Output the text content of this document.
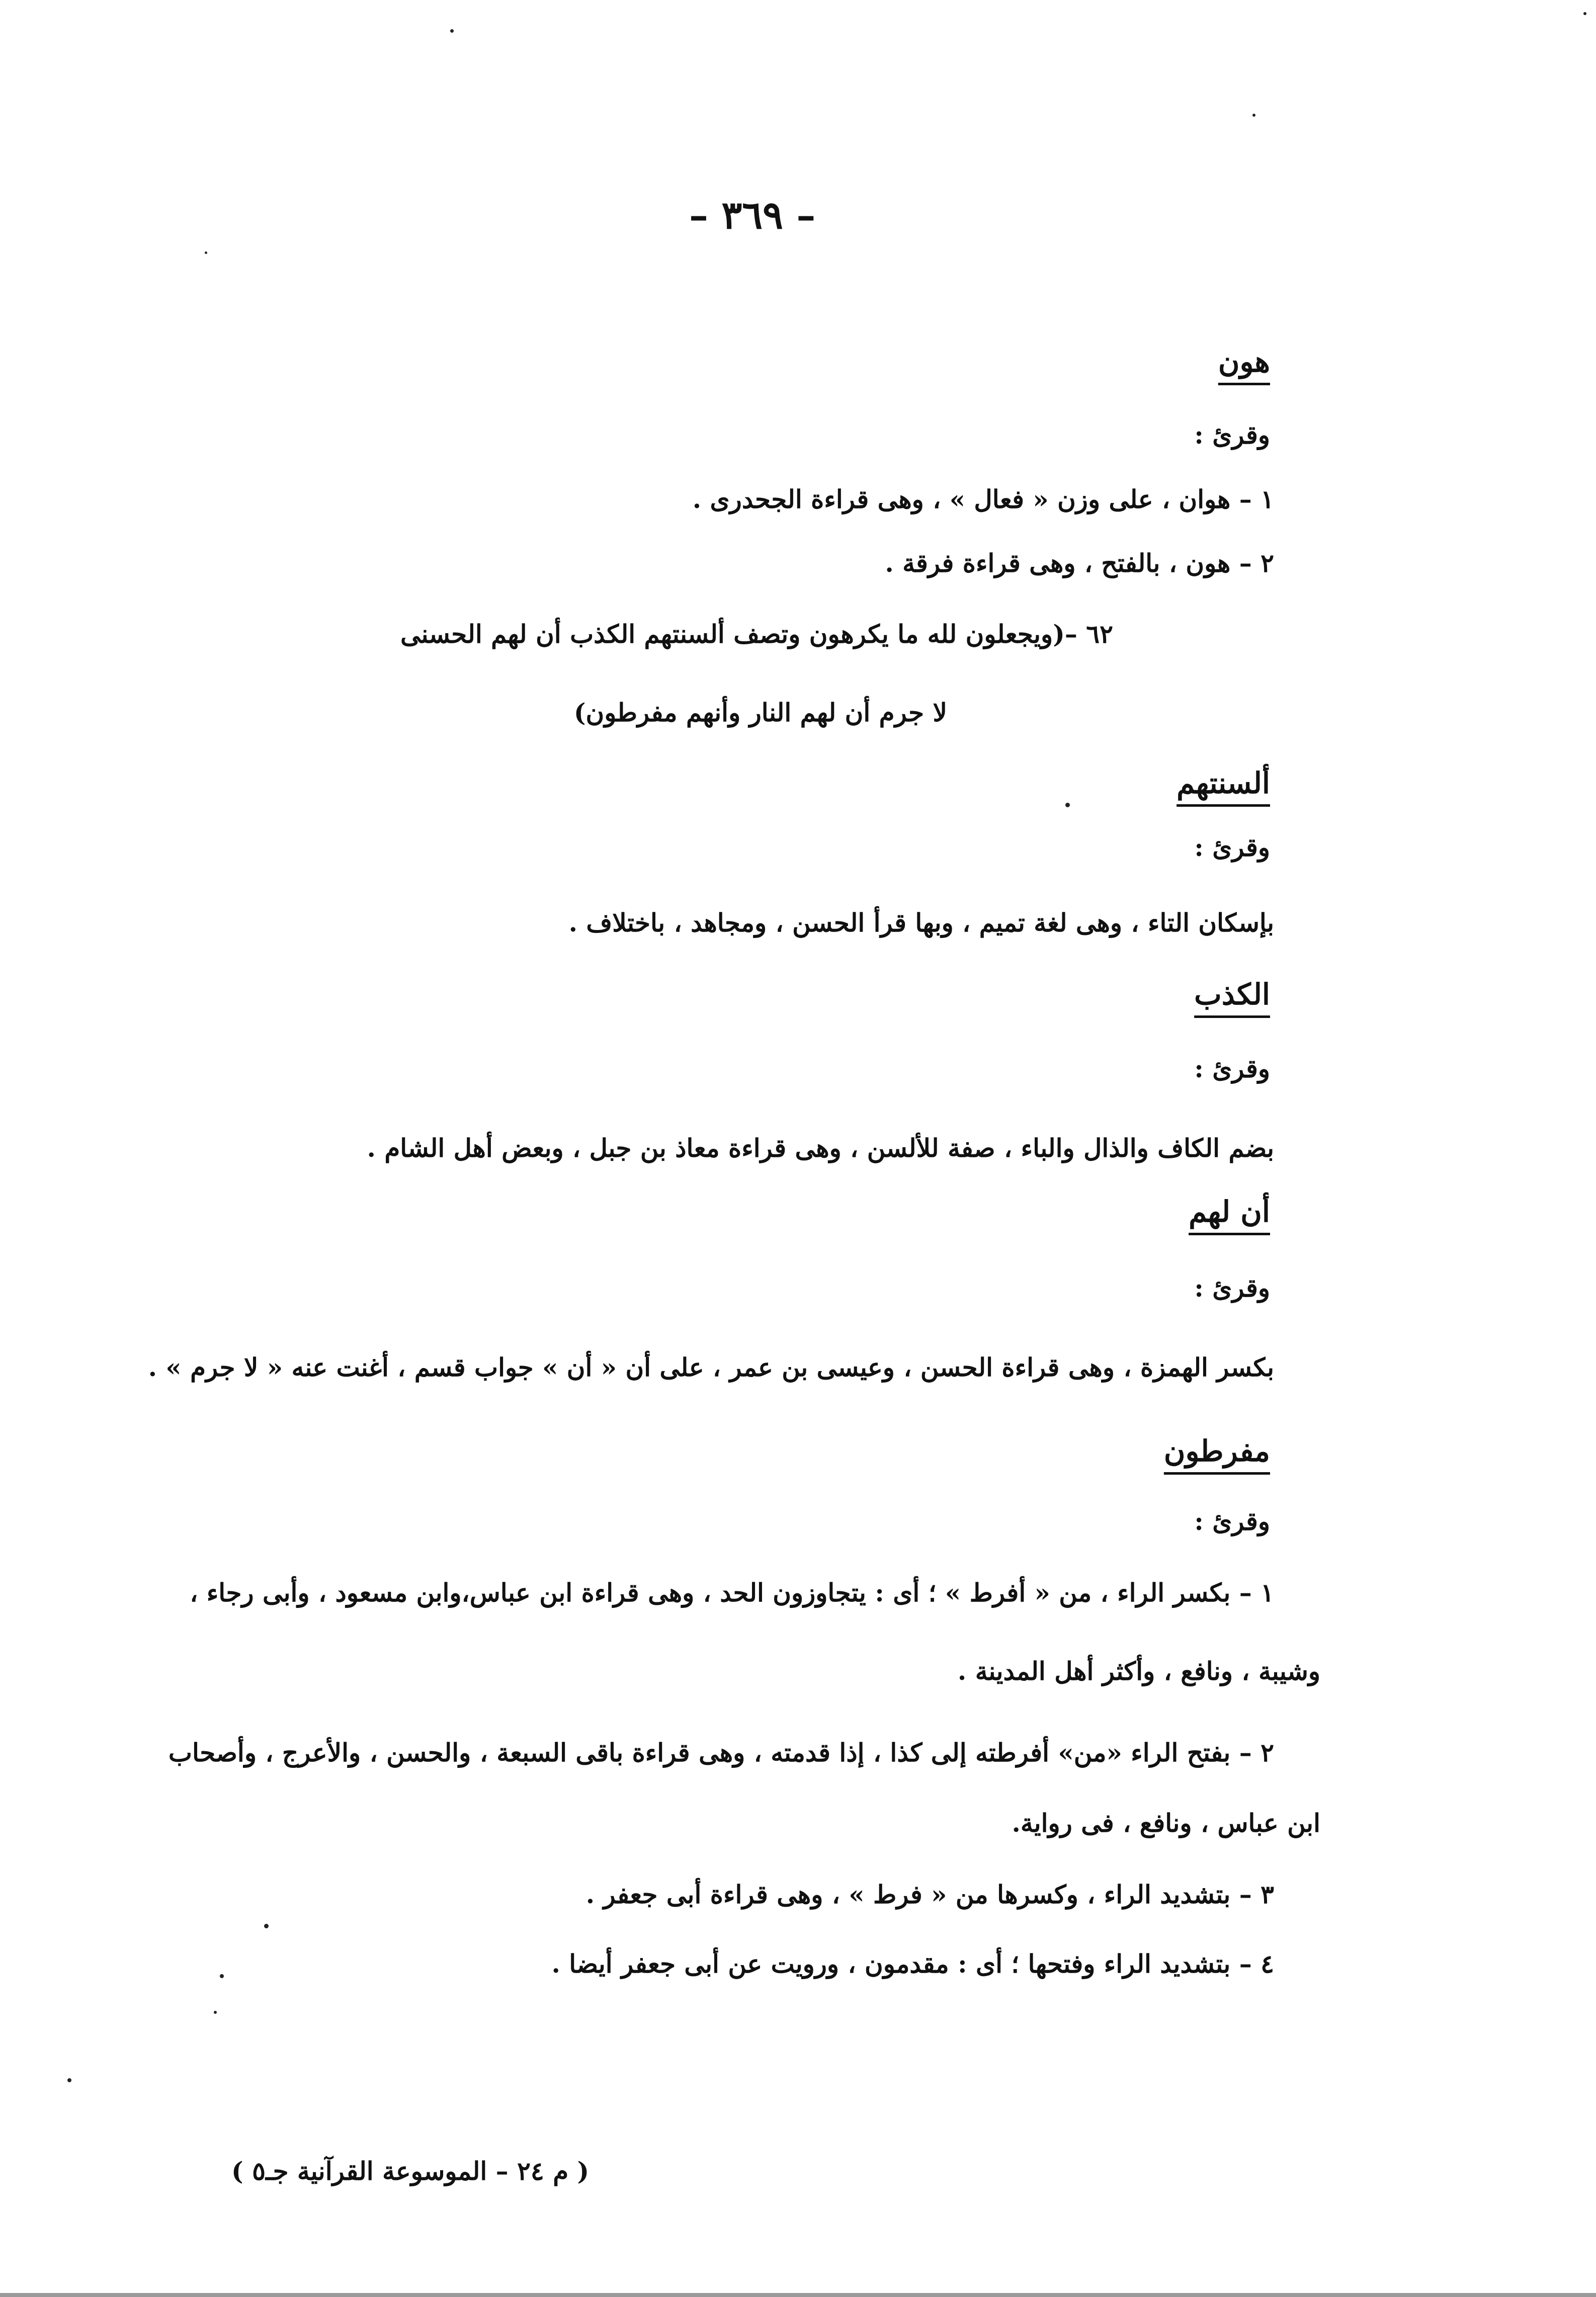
– ٣٦٩ –
هون
وقرئ :
١ – هوان ، على وزن « فعال » ، وهى قراءة الجحدرى .
٢ – هون ، بالفتح ، وهى قراءة فرقة .
٦٢ –(ويجعلون لله ما يكرهون وتصف ألسنتهم الكذب أن لهم الحسنى
لا جرم أن لهم النار وأنهم مفرطون)
ألسنتهم
وقرئ :
بإسكان التاء ، وهى لغة تميم ، وبها قرأ الحسن ، ومجاهد ، باختلاف .
الكذب
وقرئ :
بضم الكاف والذال والباء ، صفة للألسن ، وهى قراءة معاذ بن جبل ، وبعض أهل الشام .
أن لهم
وقرئ :
بكسر الهمزة ، وهى قراءة الحسن ، وعيسى بن عمر ، على أن « أن » جواب قسم ، أغنت عنه « لا جرم » .
مفرطون
وقرئ :
١ – بكسر الراء ، من « أفرط » ؛ أى : يتجاوزون الحد ، وهى قراءة ابن عباس،وابن مسعود ، وأبى رجاء ،
وشيبة ، ونافع ، وأكثر أهل المدينة .
٢ – بفتح الراء «من» أفرطته إلى كذا ، إذا قدمته ، وهى قراءة باقى السبعة ، والحسن ، والأعرج ، وأصحاب
ابن عباس ، ونافع ، فى رواية.
٣ – بتشديد الراء ، وكسرها من « فرط » ، وهى قراءة أبى جعفر .
٤ – بتشديد الراء وفتحها ؛ أى : مقدمون ، ورويت عن أبى جعفر أيضا .
( م ٢٤ – الموسوعة القرآنية جـ٥ )
